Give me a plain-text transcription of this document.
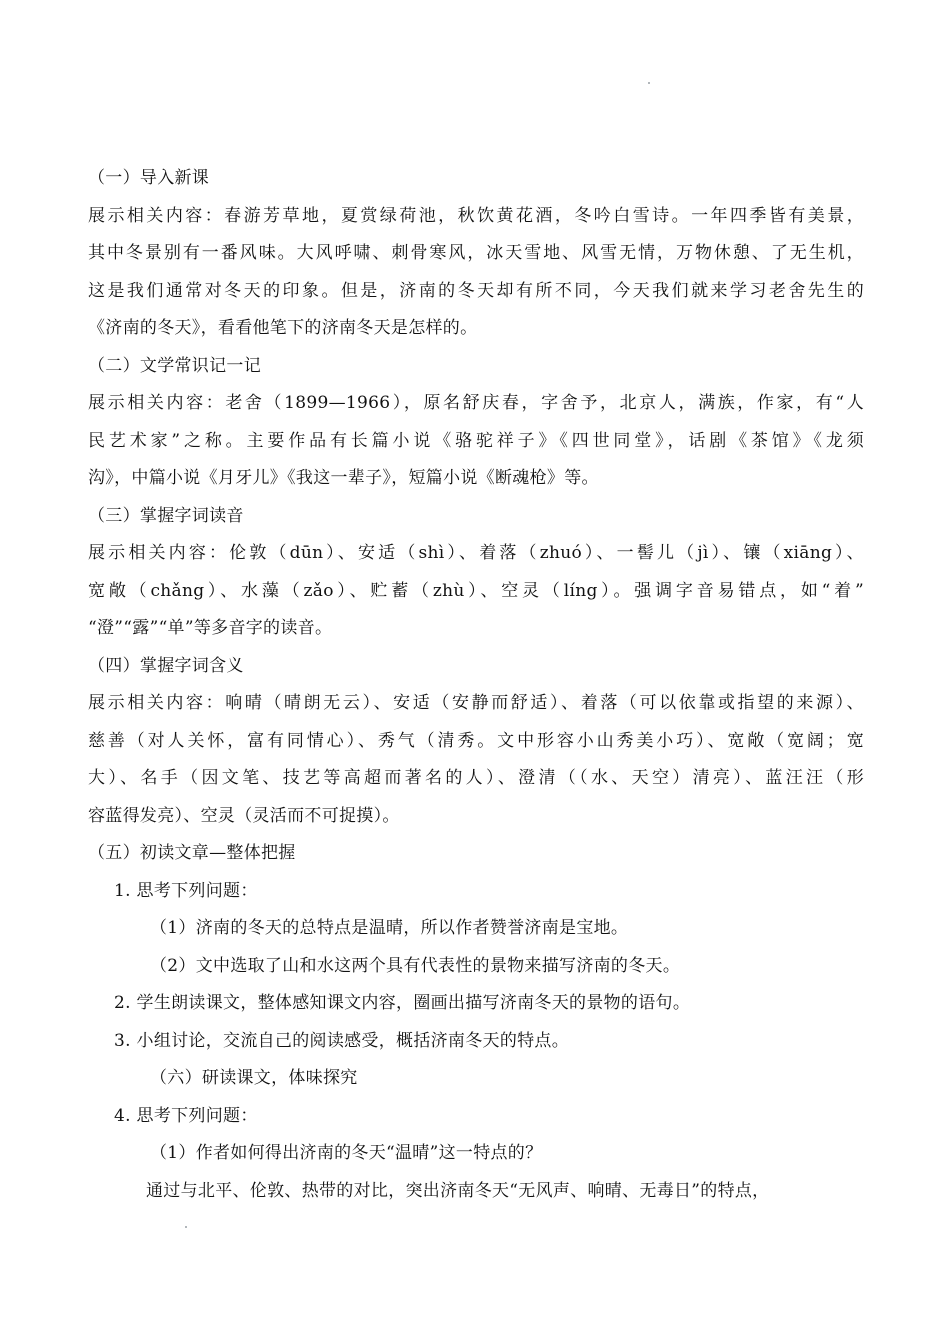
（一）导入新课
展示相关内容：春游芳草地，夏赏绿荷池，秋饮黄花酒，冬吟白雪诗。一年四季皆有美景，
其中冬景别有一番风味。大风呼啸、刺骨寒风，冰天雪地、风雪无情，万物休憩、了无生机，
这是我们通常对冬天的印象。但是，济南的冬天却有所不同，今天我们就来学习老舍先生的
《济南的冬天》，看看他笔下的济南冬天是怎样的。
（二）文学常识记一记
展示相关内容：老舍（1899—1966），原名舒庆春，字舍予，北京人，满族，作家，有“人
民艺术家”之称。主要作品有长篇小说《骆驼祥子》《四世同堂》，话剧《茶馆》《龙须
沟》，中篇小说《月牙儿》《我这一辈子》，短篇小说《断魂枪》等。
（三）掌握字词读音
展示相关内容：伦敦（dūn）、安适（shì）、着落（zhuó）、一髻儿（jì）、镶（xiāng）、
宽敞（chǎng）、水藻（zǎo）、贮蓄（zhù）、空灵（líng）。强调字音易错点，如“着”
“澄”“露”“单”等多音字的读音。
（四）掌握字词含义
展示相关内容：响晴（晴朗无云）、安适（安静而舒适）、着落（可以依靠或指望的来源）、
慈善（对人关怀，富有同情心）、秀气（清秀。文中形容小山秀美小巧）、宽敞（宽阔；宽
大）、名手（因文笔、技艺等高超而著名的人）、澄清（（水、天空）清亮）、蓝汪汪（形
容蓝得发亮）、空灵（灵活而不可捉摸）。
（五）初读文章—整体把握
1. 思考下列问题：
（1）济南的冬天的总特点是温晴，所以作者赞誉济南是宝地。
（2）文中选取了山和水这两个具有代表性的景物来描写济南的冬天。
2. 学生朗读课文，整体感知课文内容，圈画出描写济南冬天的景物的语句。
3. 小组讨论，交流自己的阅读感受，概括济南冬天的特点。
（六）研读课文，体味探究
4. 思考下列问题：
（1）作者如何得出济南的冬天“温晴”这一特点的？
通过与北平、伦敦、热带的对比，突出济南冬天“无风声、响晴、无毒日”的特点，
